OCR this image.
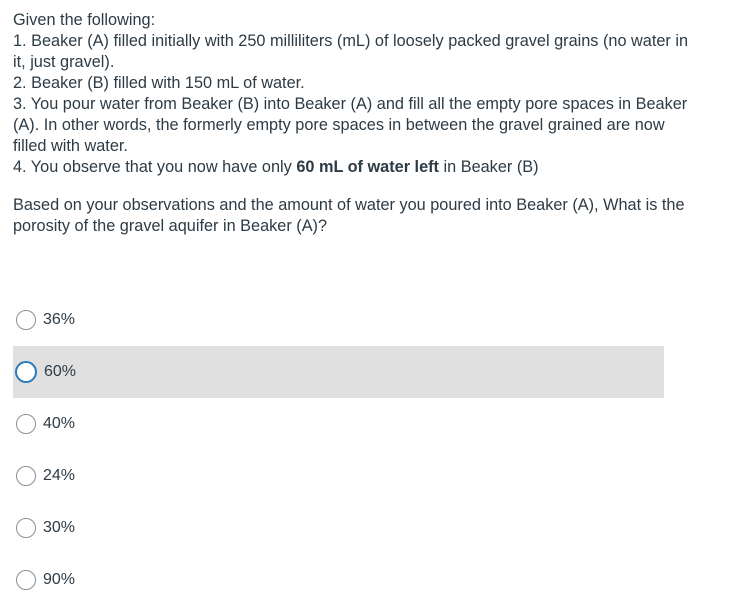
Given the following:

1. Beaker (A) filled initially with 250 milliliters (mL) of loosely packed gravel grains (no water in it, just gravel).

2. Beaker (B) filled with 150 mL of water.

3. You pour water from Beaker (B) into Beaker (A) and fill all the empty pore spaces in Beaker (A). In other words, the formerly empty pore spaces in between the gravel grained are now filled with water.

4. You observe that you now have only 60 mL of water left in Beaker (B)

Based on your observations and the amount of water you poured into Beaker (A), What is the porosity of the gravel aquifer in Beaker (A)?

36%
60%
40%
24%
30%
90%
